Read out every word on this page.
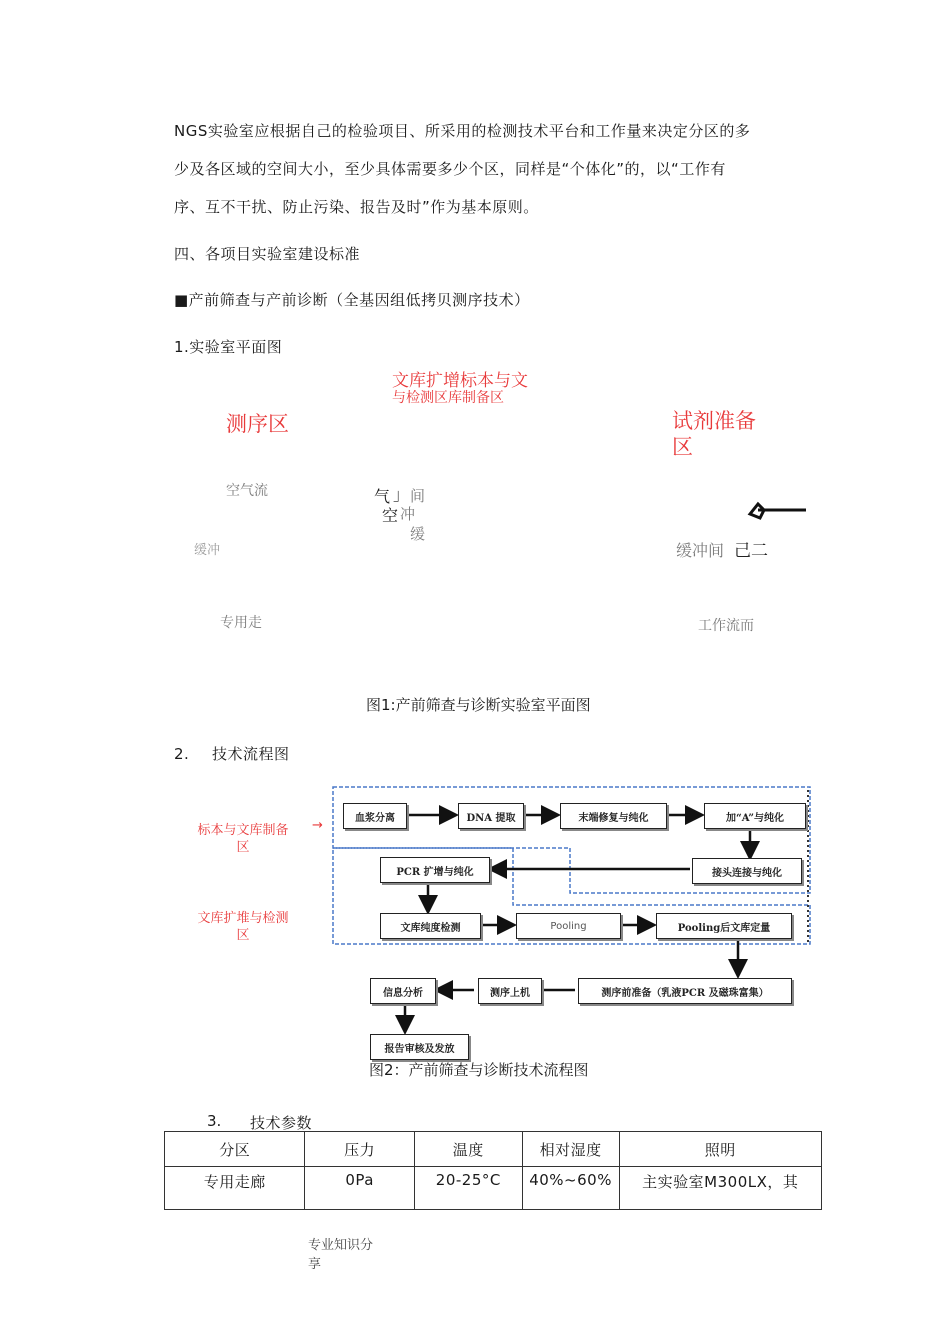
NGS实验室应根据自己的检验项目、所采用的检测技术平台和工作量来决定分区的多
少及各区域的空间大小，至少具体需要多少个区，同样是“个体化”的，以“工作有
序、互不干扰、防止污染、报告及时”作为基本原则。
四、各项目实验室建设标准
■产前筛查与产前诊断（全基因组低拷贝测序技术）
1.实验室平面图
文库扩增标本与文
与检测区库制备区
测序区	试剂准备
区
空气流
缓冲
气 」 间
空 冲
缓
缓冲间 己二
专用走	工作流而
图1:产前筛查与诊断实验室平面图
2. 技术流程图
标本与文库制备
区
→
文库扩堆与检测
区
血浆分离	DNA 提取	末端修复与纯化	加“A”与纯化
接头连接与纯化
PCR 扩增与纯化
文库纯度检测	Pooling	Pooling后文库定量
测序前准备（乳液PCR 及磁珠富集）
测序上机
信息分析
报告审核及发放
图2：产前筛查与诊断技术流程图
3. 技术参数
分区	压力	温度	相对湿度	照明
专用走廊	0Pa	20-25°C	40%~60%	主实验室M300LX，其
专业知识分
享
